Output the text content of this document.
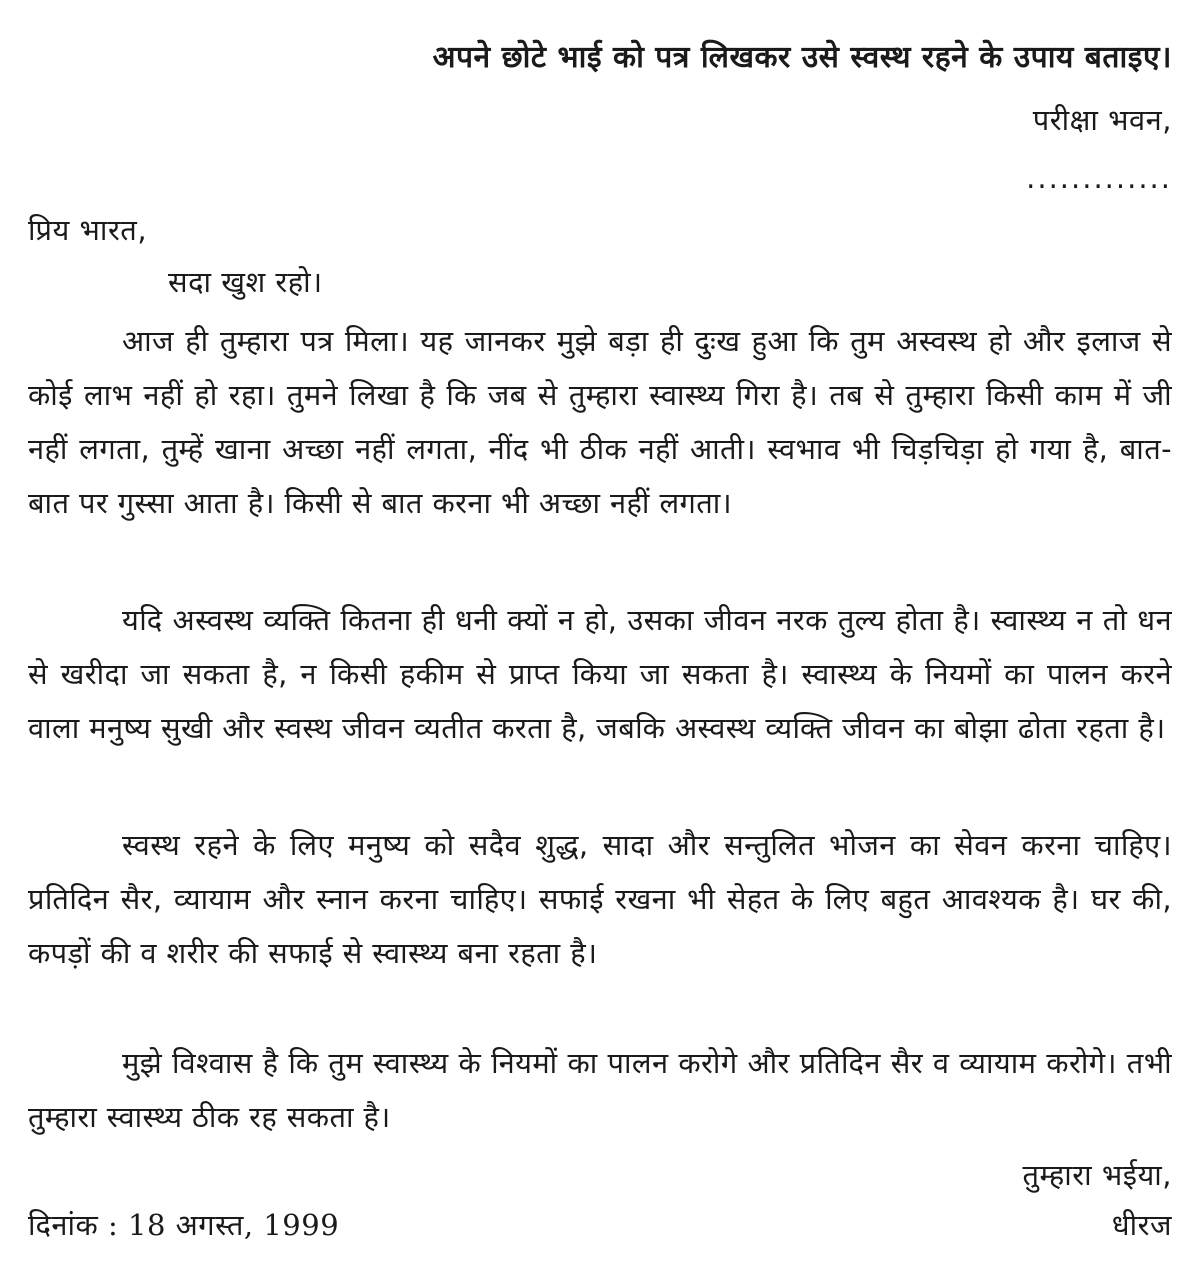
अपने छोटे भाई को पत्र लिखकर उसे स्वस्थ रहने के उपाय बताइए।
परीक्षा भवन,
.............
प्रिय भारत,
सदा खुश रहो।
आज ही तुम्हारा पत्र मिला। यह जानकर मुझे बड़ा ही दुःख हुआ कि तुम अस्वस्थ हो और इलाज से कोई लाभ नहीं हो रहा। तुमने लिखा है कि जब से तुम्हारा स्वास्थ्य गिरा है। तब से तुम्हारा किसी काम में जी नहीं लगता, तुम्हें खाना अच्छा नहीं लगता, नींद भी ठीक नहीं आती। स्वभाव भी चिड़चिड़ा हो गया है, बात-बात पर गुस्सा आता है। किसी से बात करना भी अच्छा नहीं लगता।
यदि अस्वस्थ व्यक्ति कितना ही धनी क्यों न हो, उसका जीवन नरक तुल्य होता है। स्वास्थ्य न तो धन से खरीदा जा सकता है, न किसी हकीम से प्राप्त किया जा सकता है। स्वास्थ्य के नियमों का पालन करने वाला मनुष्य सुखी और स्वस्थ जीवन व्यतीत करता है, जबकि अस्वस्थ व्यक्ति जीवन का बोझा ढोता रहता है।
स्वस्थ रहने के लिए मनुष्य को सदैव शुद्ध, सादा और सन्तुलित भोजन का सेवन करना चाहिए। प्रतिदिन सैर, व्यायाम और स्नान करना चाहिए। सफाई रखना भी सेहत के लिए बहुत आवश्यक है। घर की, कपड़ों की व शरीर की सफाई से स्वास्थ्य बना रहता है।
मुझे विश्वास है कि तुम स्वास्थ्य के नियमों का पालन करोगे और प्रतिदिन सैर व व्यायाम करोगे। तभी तुम्हारा स्वास्थ्य ठीक रह सकता है।
तुम्हारा भईया,
धीरज
दिनांक : 18 अगस्त, 1999
